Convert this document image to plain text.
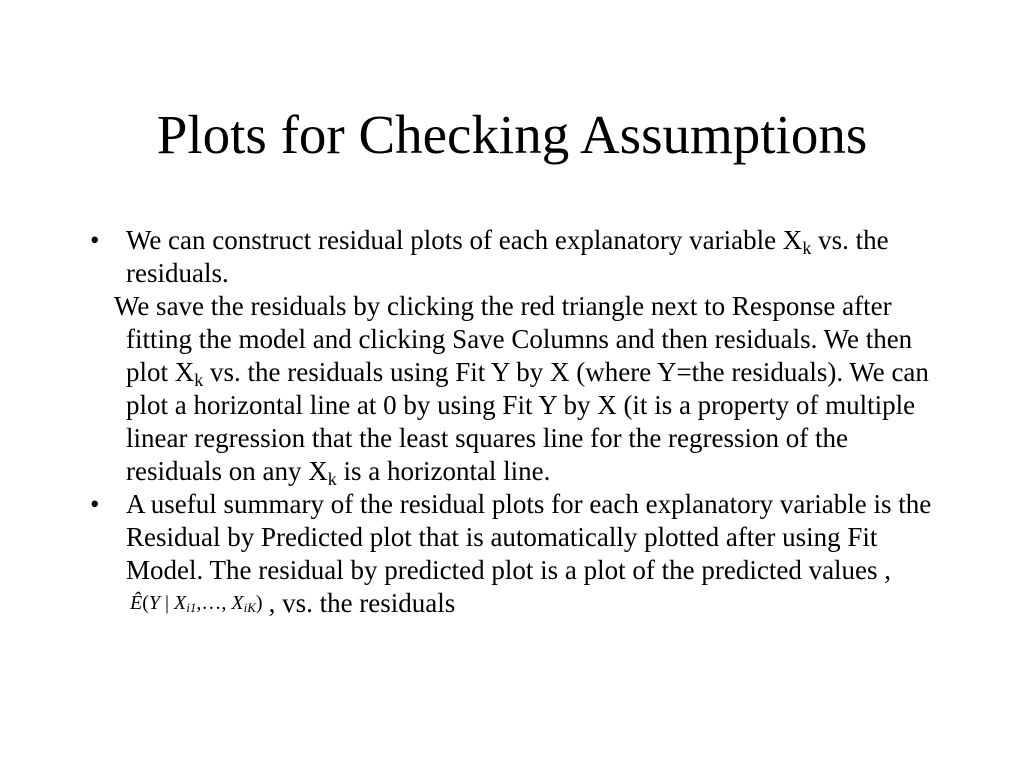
Plots for Checking Assumptions

• We can construct residual plots of each explanatory variable $X_k$ vs. the residuals.

We save the residuals by clicking the red triangle next to Response after fitting the model and clicking Save Columns and then residuals. We then plot $X_k$ vs. the residuals using Fit Y by X (where Y=the residuals). We can plot a horizontal line at 0 by using Fit Y by X (it is a property of multiple linear regression that the least squares line for the regression of the residuals on any $X_k$ is a horizontal line.

• A useful summary of the residual plots for each explanatory variable is the Residual by Predicted plot that is automatically plotted after using Fit Model. The residual by predicted plot is a plot of the predicted values ,Ê(Y | $X_{i1},\dots$, $X_{iK}$) , vs. the residuals
